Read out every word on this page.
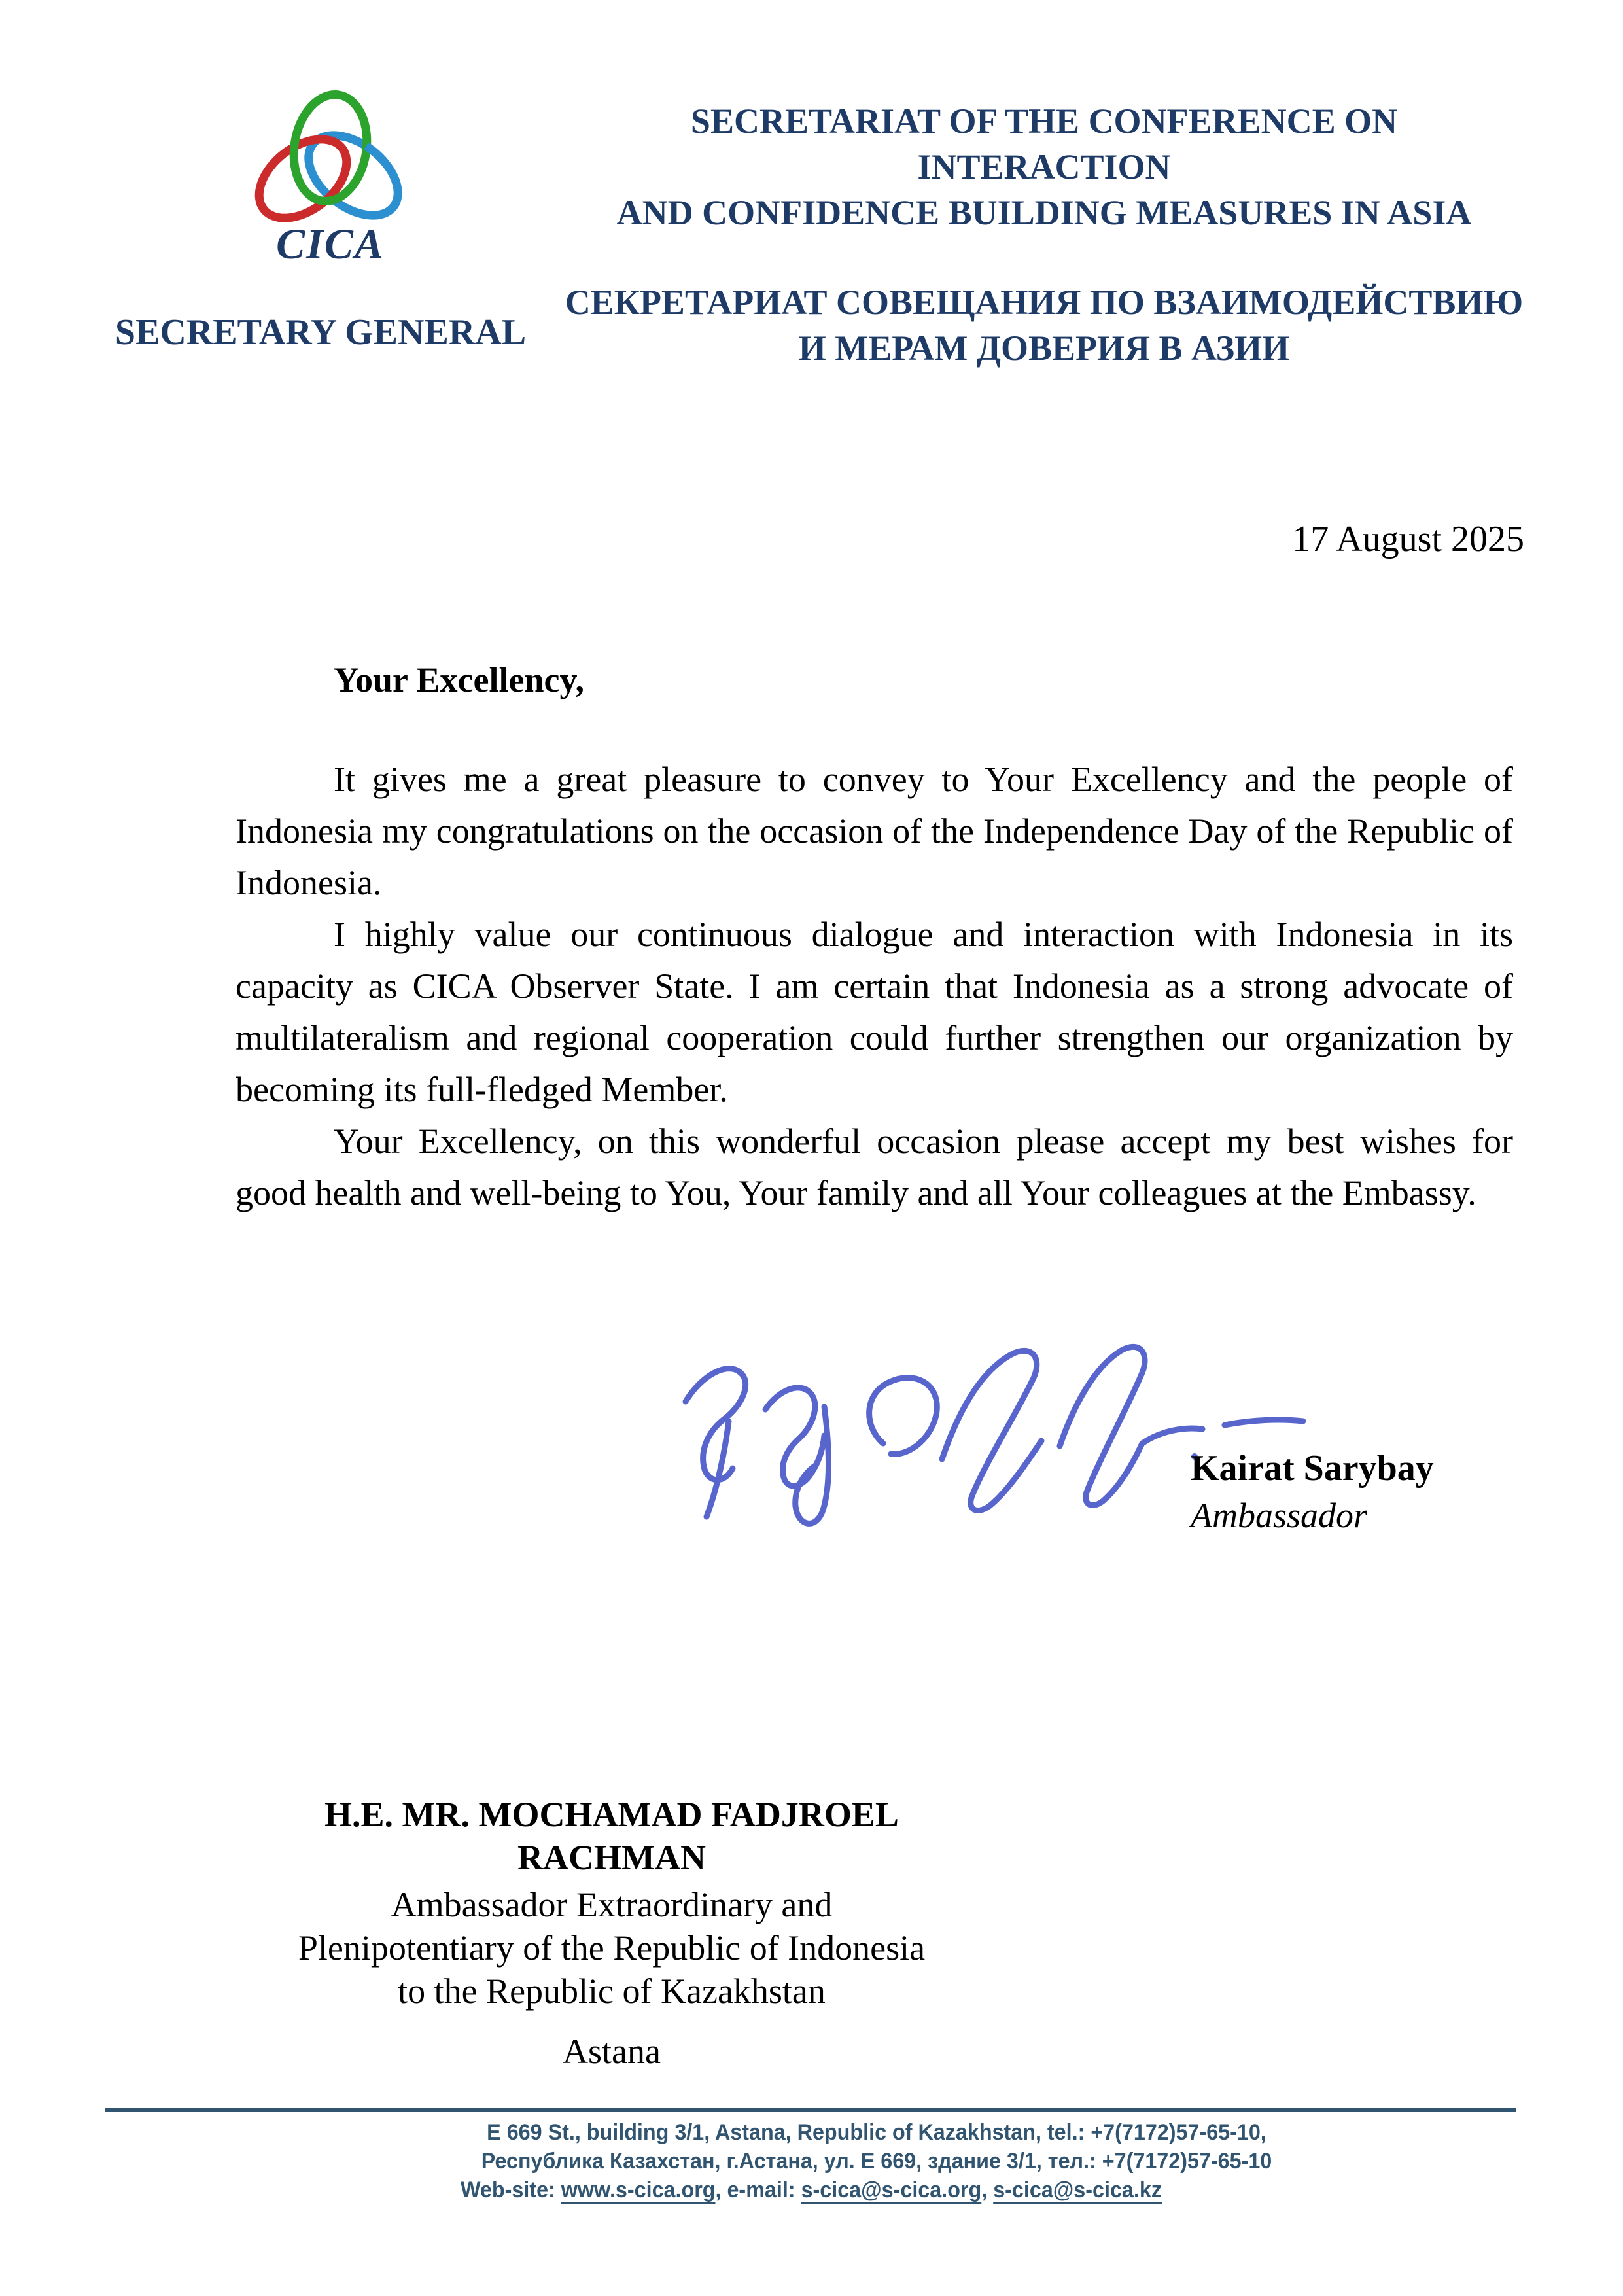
CICA
SECRETARY GENERAL
SECRETARIAT OF THE CONFERENCE ON INTERACTION
AND CONFIDENCE BUILDING MEASURES IN ASIA
СЕКРЕТАРИАТ СОВЕЩАНИЯ ПО ВЗАИМОДЕЙСТВИЮ
И МЕРАМ ДОВЕРИЯ В АЗИИ
17 August 2025
Your Excellency,

It gives me a great pleasure to convey to Your Excellency and the people of Indonesia my congratulations on the occasion of the Independence Day of the Republic of Indonesia.

I highly value our continuous dialogue and interaction with Indonesia in its capacity as CICA Observer State. I am certain that Indonesia as a strong advocate of multilateralism and regional cooperation could further strengthen our organization by becoming its full-fledged Member.

Your Excellency, on this wonderful occasion please accept my best wishes for good health and well-being to You, Your family and all Your colleagues at the Embassy.

Kairat Sarybay
Ambassador
H.E. MR. MOCHAMAD FADJROEL RACHMAN
Ambassador Extraordinary and
Plenipotentiary of the Republic of Indonesia
to the Republic of Kazakhstan
Astana
E 669 St., building 3/1, Astana, Republic of Kazakhstan, tel.: +7(7172)57-65-10,
Республика Казахстан, г.Астана, ул. Е 669, здание 3/1, тел.: +7(7172)57-65-10
Web-site: www.s-cica.org, e-mail: s-cica@s-cica.org, s-cica@s-cica.kz
